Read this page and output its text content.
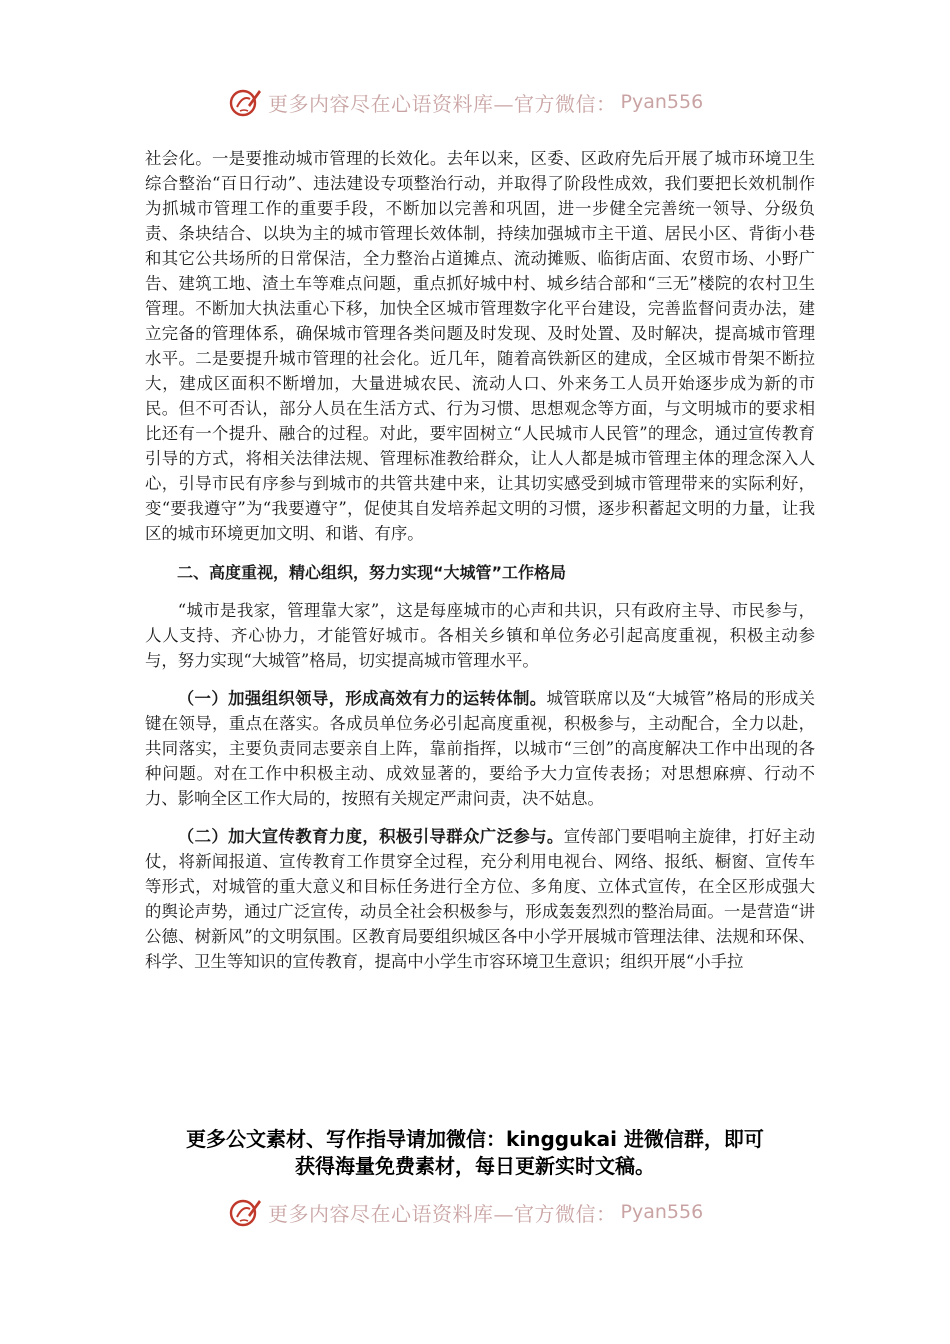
更多内容尽在心语资料库—官方微信： Pyan556

社会化。一是要推动城市管理的长效化。去年以来，区委、区政府先后开展了城市环境卫生综合整治“百日行动”、违法建设专项整治行动，并取得了阶段性成效，我们要把长效机制作为抓城市管理工作的重要手段，不断加以完善和巩固，进一步健全完善统一领导、分级负责、条块结合、以块为主的城市管理长效体制，持续加强城市主干道、居民小区、背街小巷和其它公共场所的日常保洁，全力整治占道摊点、流动摊贩、临街店面、农贸市场、小野广告、建筑工地、渣土车等难点问题，重点抓好城中村、城乡结合部和“三无”楼院的农村卫生管理。不断加大执法重心下移，加快全区城市管理数字化平台建设，完善监督问责办法，建立完备的管理体系，确保城市管理各类问题及时发现、及时处置、及时解决，提高城市管理水平。二是要提升城市管理的社会化。近几年，随着高铁新区的建成，全区城市骨架不断拉大，建成区面积不断增加，大量进城农民、流动人口、外来务工人员开始逐步成为新的市民。但不可否认，部分人员在生活方式、行为习惯、思想观念等方面，与文明城市的要求相比还有一个提升、融合的过程。对此，要牢固树立“人民城市人民管”的理念，通过宣传教育引导的方式，将相关法律法规、管理标准教给群众，让人人都是城市管理主体的理念深入人心，引导市民有序参与到城市的共管共建中来，让其切实感受到城市管理带来的实际利好，变“要我遵守”为“我要遵守”，促使其自发培养起文明的习惯，逐步积蓄起文明的力量，让我区的城市环境更加文明、和谐、有序。

二、高度重视，精心组织，努力实现“大城管”工作格局

“城市是我家，管理靠大家”，这是每座城市的心声和共识，只有政府主导、市民参与，人人支持、齐心协力，才能管好城市。各相关乡镇和单位务必引起高度重视，积极主动参与，努力实现“大城管”格局，切实提高城市管理水平。

（一）加强组织领导，形成高效有力的运转体制。城管联席以及“大城管”格局的形成关键在领导，重点在落实。各成员单位务必引起高度重视，积极参与，主动配合，全力以赴，共同落实，主要负责同志要亲自上阵，靠前指挥，以城市“三创”的高度解决工作中出现的各种问题。对在工作中积极主动、成效显著的，要给予大力宣传表扬；对思想麻痹、行动不力、影响全区工作大局的，按照有关规定严肃问责，决不姑息。

（二）加大宣传教育力度，积极引导群众广泛参与。宣传部门要唱响主旋律，打好主动仗，将新闻报道、宣传教育工作贯穿全过程，充分利用电视台、网络、报纸、橱窗、宣传车等形式，对城管的重大意义和目标任务进行全方位、多角度、立体式宣传，在全区形成强大的舆论声势，通过广泛宣传，动员全社会积极参与，形成轰轰烈烈的整治局面。一是营造“讲公德、树新风”的文明氛围。区教育局要组织城区各中小学开展城市管理法律、法规和环保、科学、卫生等知识的宣传教育，提高中小学生市容环境卫生意识；组织开展“小手拉

更多公文素材、写作指导请加微信：kinggukai 进微信群，即可
获得海量免费素材，每日更新实时文稿。
更多内容尽在心语资料库—官方微信： Pyan556
